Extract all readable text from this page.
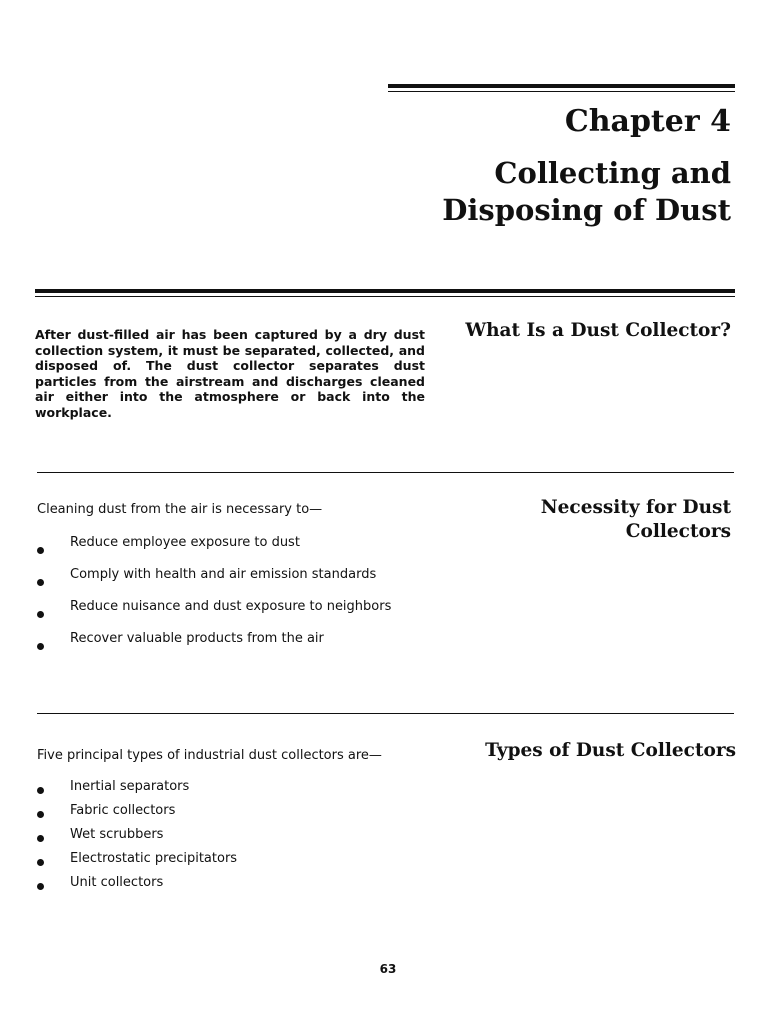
Chapter 4
Collecting and Disposing of Dust
After dust-filled air has been captured by a dry dust collection system, it must be separated, collected, and disposed of. The dust collector separates dust particles from the airstream and discharges cleaned air either into the atmosphere or back into the workplace.
What Is a Dust Collector?
Cleaning dust from the air is necessary to—	Necessity for Dust Collectors
Reduce employee exposure to dust
Comply with health and air emission standards
Reduce nuisance and dust exposure to neighbors
Recover valuable products from the air
Five principal types of industrial dust collectors are—	Types of Dust Collectors
Inertial separators
Fabric collectors
Wet scrubbers
Electrostatic precipitators
Unit collectors
63
